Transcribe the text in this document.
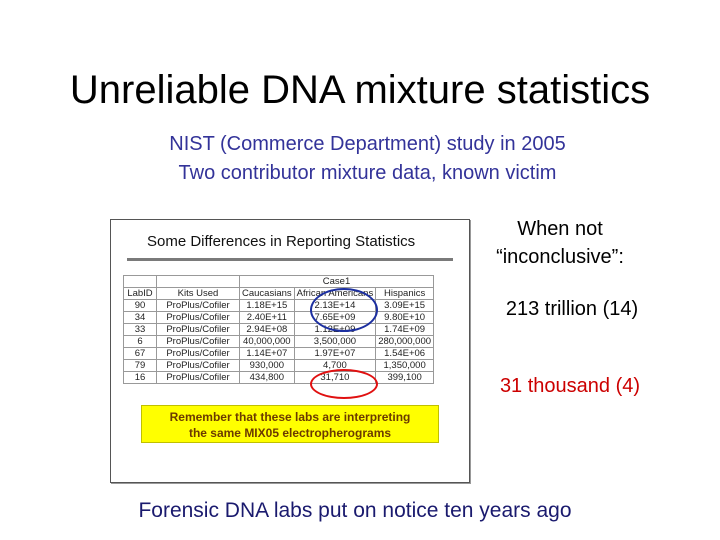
Unreliable DNA mixture statistics
NIST (Commerce Department) study in 2005
Two contributor mixture data, known victim
Some Differences in Reporting Statistics
		Case1		
LabID	Kits Used	Caucasians	African Americans	Hispanics
90	ProPlus/Cofiler	1.18E+15	2.13E+14	3.09E+15
34	ProPlus/Cofiler	2.40E+11	7.65E+09	9.80E+10
33	ProPlus/Cofiler	2.94E+08	1.12E+09	1.74E+09
6	ProPlus/Cofiler	40,000,000	3,500,000	280,000,000
67	ProPlus/Cofiler	1.14E+07	1.97E+07	1.54E+06
79	ProPlus/Cofiler	930,000	4,700	1,350,000
16	ProPlus/Cofiler	434,800	31,710	399,100
Remember that these labs are interpreting
the same MIX05 electropherograms
When not
“inconclusive”:
213 trillion (14)
31 thousand (4)
Forensic DNA labs put on notice ten years ago
